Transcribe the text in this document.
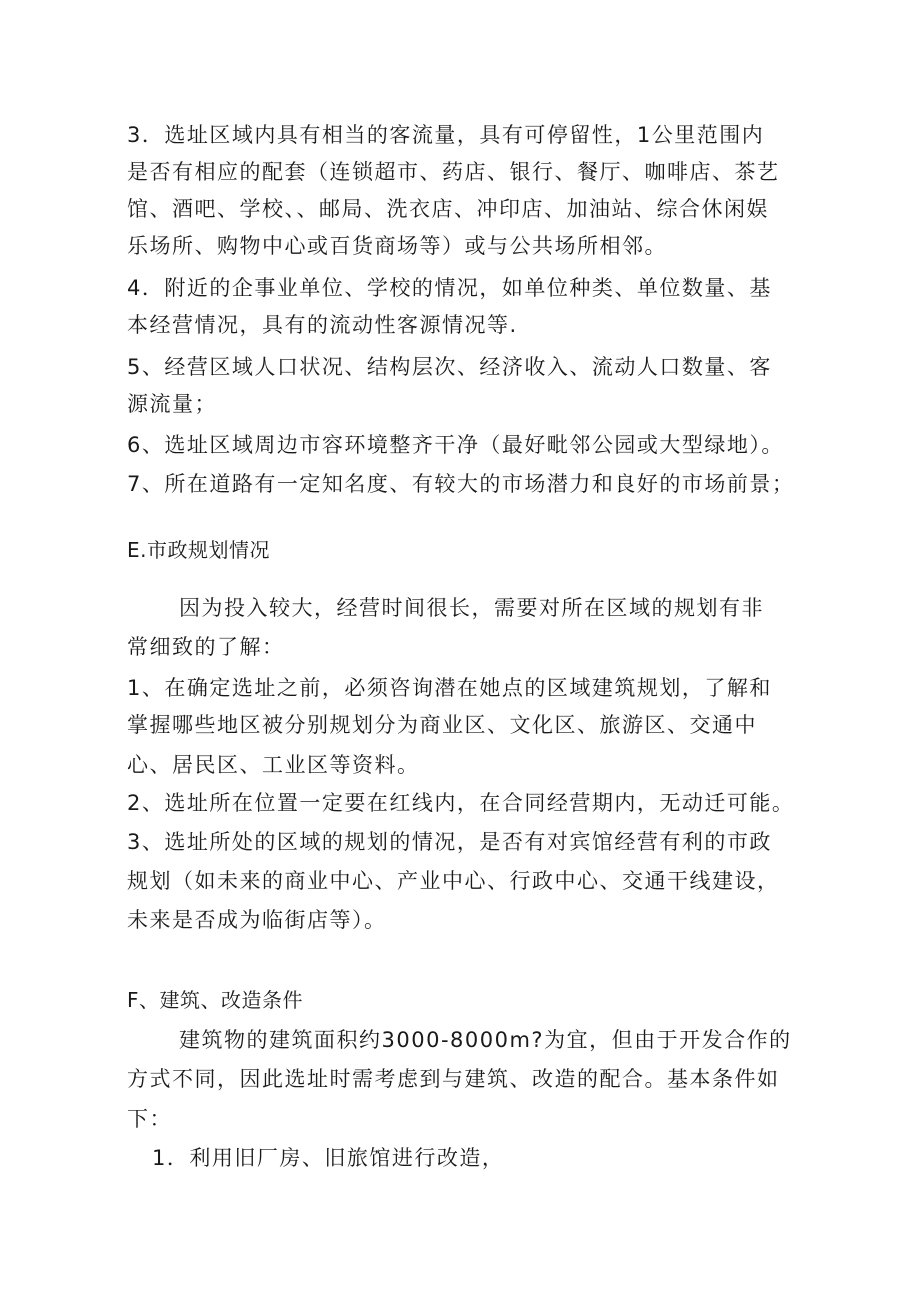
3．选址区域内具有相当的客流量，具有可停留性，1公里范围内
是否有相应的配套（连锁超市、药店、银行、餐厅、咖啡店、茶艺
馆、酒吧、学校、、邮局、洗衣店、冲印店、加油站、综合休闲娱
乐场所、购物中心或百货商场等）或与公共场所相邻。
4．附近的企事业单位、学校的情况，如单位种类、单位数量、基
本经营情况，具有的流动性客源情况等.
5、经营区域人口状况、结构层次、经济收入、流动人口数量、客
源流量；
6、选址区域周边市容环境整齐干净（最好毗邻公园或大型绿地）。
7、所在道路有一定知名度、有较大的市场潜力和良好的市场前景；
E.市政规划情况
因为投入较大，经营时间很长，需要对所在区域的规划有非
常细致的了解：
1、在确定选址之前，必须咨询潜在她点的区域建筑规划，了解和
掌握哪些地区被分别规划分为商业区、文化区、旅游区、交通中
心、居民区、工业区等资料。
2、选址所在位置一定要在红线内，在合同经营期内，无动迁可能。
3、选址所处的区域的规划的情况，是否有对宾馆经营有利的市政
规划（如未来的商业中心、产业中心、行政中心、交通干线建设，
未来是否成为临街店等）。
F、建筑、改造条件
建筑物的建筑面积约3000-8000m?为宜，但由于开发合作的
方式不同，因此选址时需考虑到与建筑、改造的配合。基本条件如
下：
1．利用旧厂房、旧旅馆进行改造，
